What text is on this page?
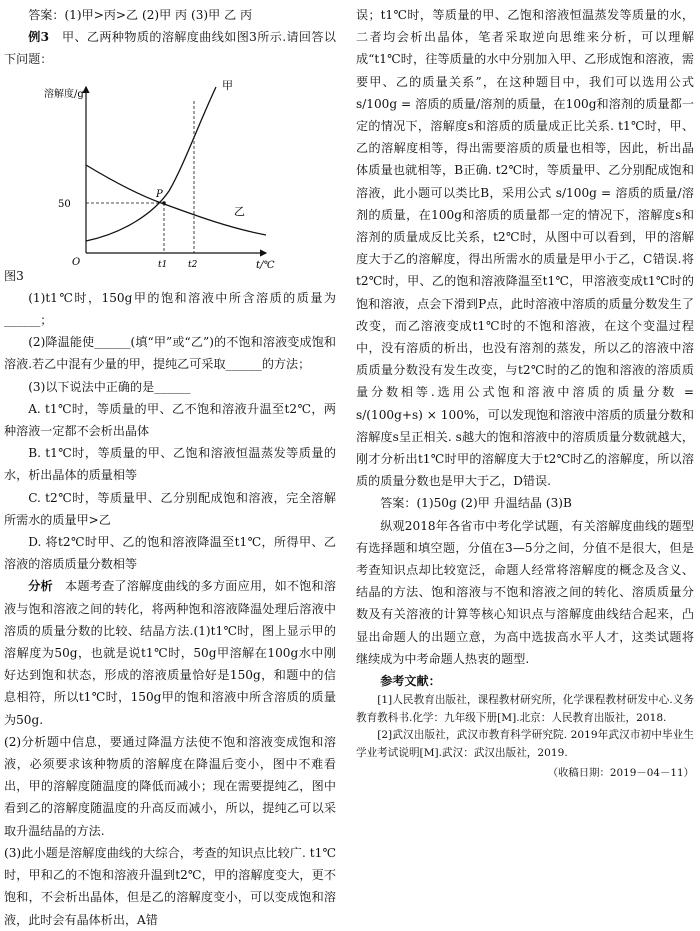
答案：(1)甲>丙>乙 (2)甲 丙 (3)甲 乙 丙

例3　 甲、乙两种物质的溶解度曲线如图3所示.请回答以下问题：

溶解度/g
t/℃
O
50
甲
乙
P
t1 t2

图3

(1)t1℃时，150g甲的饱和溶液中所含溶质的质量为______；

(2)降温能使______(填“甲”或“乙”)的不饱和溶液变成饱和溶液.若乙中混有少量的甲，提纯乙可采取______的方法；

(3)以下说法中正确的是______

A. t1℃时，等质量的甲、乙不饱和溶液升温至t2℃，两种溶液一定都不会析出晶体

B. t1℃时，等质量的甲、乙饱和溶液恒温蒸发等质量的水，析出晶体的质量相等

C. t2℃时，等质量甲、乙分别配成饱和溶液，完全溶解所需水的质量甲>乙

D. 将t2℃时甲、乙的饱和溶液降温至t1℃，所得甲、乙溶液的溶质质量分数相等

分析　 本题考查了溶解度曲线的多方面应用，如不饱和溶液与饱和溶液之间的转化，将两种饱和溶液降温处理后溶液中溶质的质量分数的比较、结晶方法.(1)t1℃时，图上显示甲的溶解度为50g，也就是说t1℃时，50g甲溶解在100g水中刚好达到饱和状态，形成的溶液质量恰好是150g，和题中的信息相符，所以t1℃时，150g甲的饱和溶液中所含溶质的质量为50g.

(2)分析题中信息，要通过降温方法使不饱和溶液变成饱和溶液，必须要求该种物质的溶解度在降温后变小，图中不难看出，甲的溶解度随温度的降低而减小；现在需要提纯乙，图中看到乙的溶解度随温度的升高反而减小，所以，提纯乙可以采取升温结晶的方法.

(3)此小题是溶解度曲线的大综合，考查的知识点比较广. t1℃时，甲和乙的不饱和溶液升温到t2℃，甲的溶解度变大，更不饱和，不会析出晶体，但是乙的溶解度变小，可以变成饱和溶液，此时会有晶体析出，A错

误；t1℃时，等质量的甲、乙饱和溶液恒温蒸发等质量的水，二者均会析出晶体，笔者采取逆向思维来分析，可以理解成“t1℃时，往等质量的水中分别加入甲、乙形成饱和溶液，需要甲、乙的质量关系”，在这种题目中，我们可以选用公式 s/100g = 溶质的质量/溶剂的质量，在100g和溶剂的质量都一定的情况下，溶解度s和溶质的质量成正比关系. t1℃时，甲、乙的溶解度相等，得出需要溶质的质量也相等，因此，析出晶体质量也就相等，B正确. t2℃时，等质量甲、乙分别配成饱和溶液，此小题可以类比B，采用公式 s/100g = 溶质的质量/溶剂的质量，在100g和溶质的质量都一定的情况下，溶解度s和溶剂的质量成反比关系，t2℃时，从图中可以看到，甲的溶解度大于乙的溶解度，得出所需水的质量是甲小于乙，C错误.将t2℃时，甲、乙的饱和溶液降温至t1℃，甲溶液变成t1℃时的饱和溶液，点会下滑到P点，此时溶液中溶质的质量分数发生了改变，而乙溶液变成t1℃时的不饱和溶液，在这个变温过程中，没有溶质的析出，也没有溶剂的蒸发，所以乙的溶液中溶质质量分数没有发生改变，与t2℃时的乙的饱和溶液的溶质质量分数相等.选用公式饱和溶液中溶质的质量分数 = s/(100g+s) × 100%，可以发现饱和溶液中溶质的质量分数和溶解度s呈正相关. s越大的饱和溶液中的溶质质量分数就越大，刚才分析出t1℃时甲的溶解度大于t2℃时乙的溶解度，所以溶质的质量分数也是甲大于乙，D错误.

答案：(1)50g (2)甲 升温结晶 (3)B

纵观2018年各省市中考化学试题，有关溶解度曲线的题型有选择题和填空题，分值在3—5分之间，分值不是很大，但是考查知识点却比较宽泛，命题人经常将溶解度的概念及含义、结晶的方法、饱和溶液与不饱和溶液之间的转化、溶质质量分数及有关溶液的计算等核心知识点与溶解度曲线结合起来，凸显出命题人的出题立意，为高中选拔高水平人才，这类试题将继续成为中考命题人热衷的题型.

参考文献：

[1]人民教育出版社，课程教材研究所，化学课程教材研发中心.义务教育教科书.化学：九年级下册[M].北京：人民教育出版社，2018.

[2]武汉出版社，武汉市教育科学研究院. 2019年武汉市初中毕业生学业考试说明[M].武汉：武汉出版社，2019.

（收稿日期：2019－04－11）
